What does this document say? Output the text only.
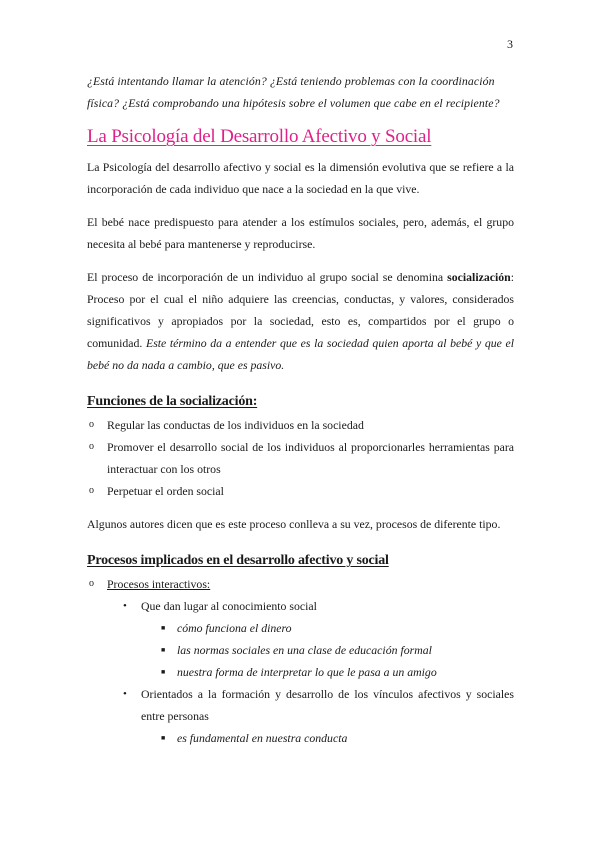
3

¿Está intentando llamar la atención? ¿Está teniendo problemas con la coordinación

física? ¿Está comprobando una hipótesis sobre el volumen que cabe en el recipiente?

La Psicología del Desarrollo Afectivo y Social

La Psicología del desarrollo afectivo y social es la dimensión evolutiva que se refiere a la incorporación de cada individuo que nace a la sociedad en la que vive.

El bebé nace predispuesto para atender a los estímulos sociales, pero, además, el grupo necesita al bebé para mantenerse y reproducirse.

El proceso de incorporación de un individuo al grupo social se denomina socialización: Proceso por el cual el niño adquiere las creencias, conductas, y valores, considerados significativos y apropiados por la sociedad, esto es, compartidos por el grupo o comunidad. Este término da a entender que es la sociedad quien aporta al bebé y que el bebé no da nada a cambio, que es pasivo.

Funciones de la socialización:
o Regular las conductas de los individuos en la sociedad
o Promover el desarrollo social de los individuos al proporcionarles herramientas para interactuar con los otros
o Perpetuar el orden social

Algunos autores dicen que es este proceso conlleva a su vez, procesos de diferente tipo.

Procesos implicados en el desarrollo afectivo y social
o Procesos interactivos:
• Que dan lugar al conocimiento social
■ cómo funciona el dinero
■ las normas sociales en una clase de educación formal
■ nuestra forma de interpretar lo que le pasa a un amigo
• Orientados a la formación y desarrollo de los vínculos afectivos y sociales entre personas
■ es fundamental en nuestra conducta
